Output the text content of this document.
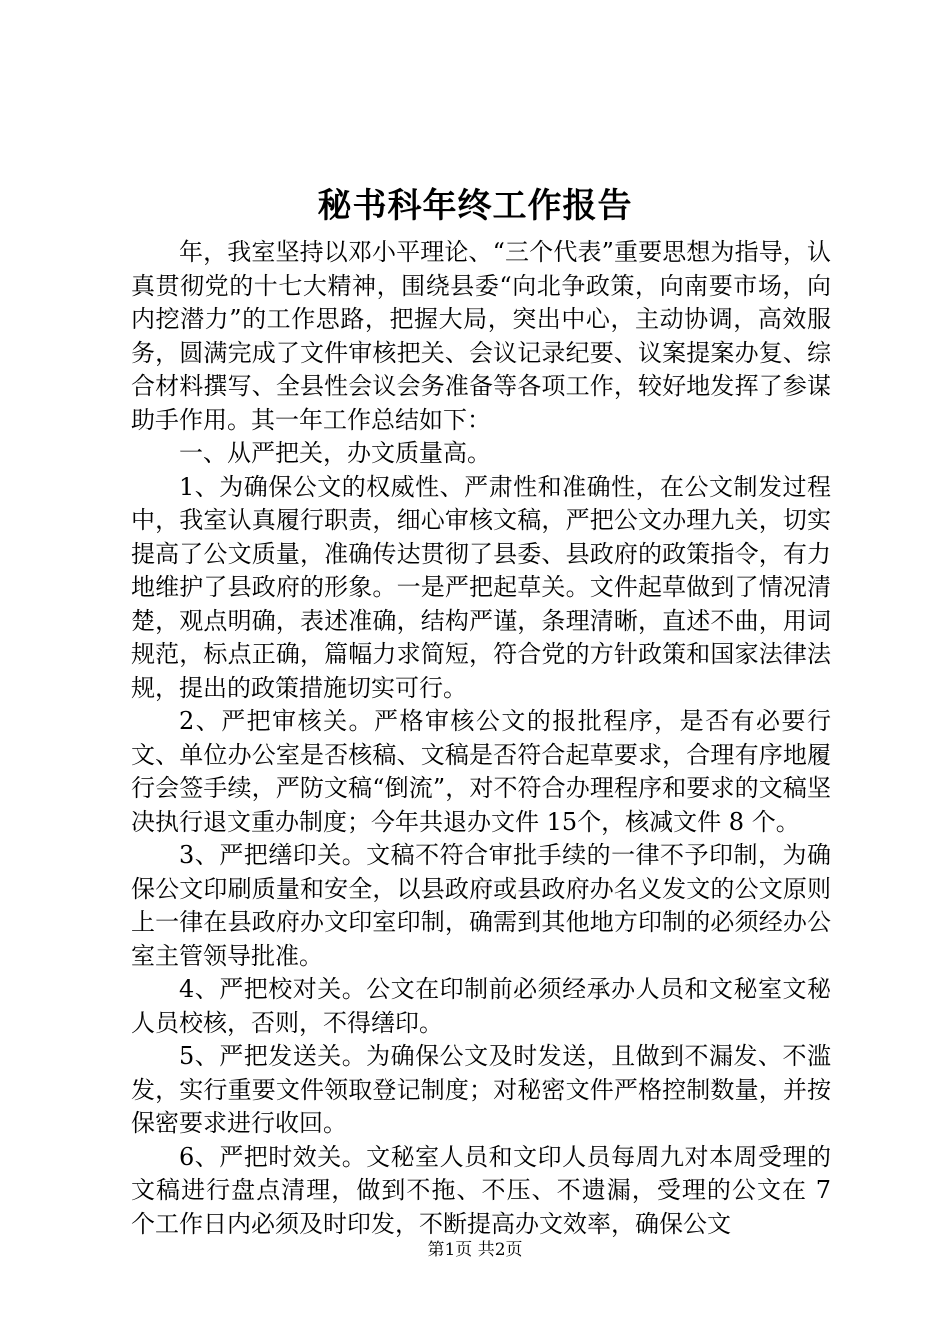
秘书科年终工作报告

年，我室坚持以邓小平理论、“三个代表”重要思想为指导，认真贯彻党的十七大精神，围绕县委“向北争政策，向南要市场，向内挖潜力”的工作思路，把握大局，突出中心，主动协调，高效服务，圆满完成了文件审核把关、会议记录纪要、议案提案办复、综合材料撰写、全县性会议会务准备等各项工作，较好地发挥了参谋助手作用。其一年工作总结如下：

一、从严把关，办文质量高。

1、为确保公文的权威性、严肃性和准确性，在公文制发过程中，我室认真履行职责，细心审核文稿，严把公文办理九关，切实提高了公文质量，准确传达贯彻了县委、县政府的政策指令，有力地维护了县政府的形象。一是严把起草关。文件起草做到了情况清楚，观点明确，表述准确，结构严谨，条理清晰，直述不曲，用词规范，标点正确，篇幅力求简短，符合党的方针政策和国家法律法规，提出的政策措施切实可行。

2、严把审核关。严格审核公文的报批程序，是否有必要行文、单位办公室是否核稿、文稿是否符合起草要求，合理有序地履行会签手续，严防文稿“倒流”，对不符合办理程序和要求的文稿坚决执行退文重办制度；今年共退办文件 15个，核减文件 8 个。

3、严把缮印关。文稿不符合审批手续的一律不予印制，为确保公文印刷质量和安全，以县政府或县政府办名义发文的公文原则上一律在县政府办文印室印制，确需到其他地方印制的必须经办公室主管领导批准。

4、严把校对关。公文在印制前必须经承办人员和文秘室文秘人员校核，否则，不得缮印。

5、严把发送关。为确保公文及时发送，且做到不漏发、不滥发，实行重要文件领取登记制度；对秘密文件严格控制数量，并按保密要求进行收回。

6、严把时效关。文秘室人员和文印人员每周九对本周受理的文稿进行盘点清理，做到不拖、不压、不遗漏，受理的公文在 7 个工作日内必须及时印发，不断提高办文效率，确保公文

第1页 共2页
